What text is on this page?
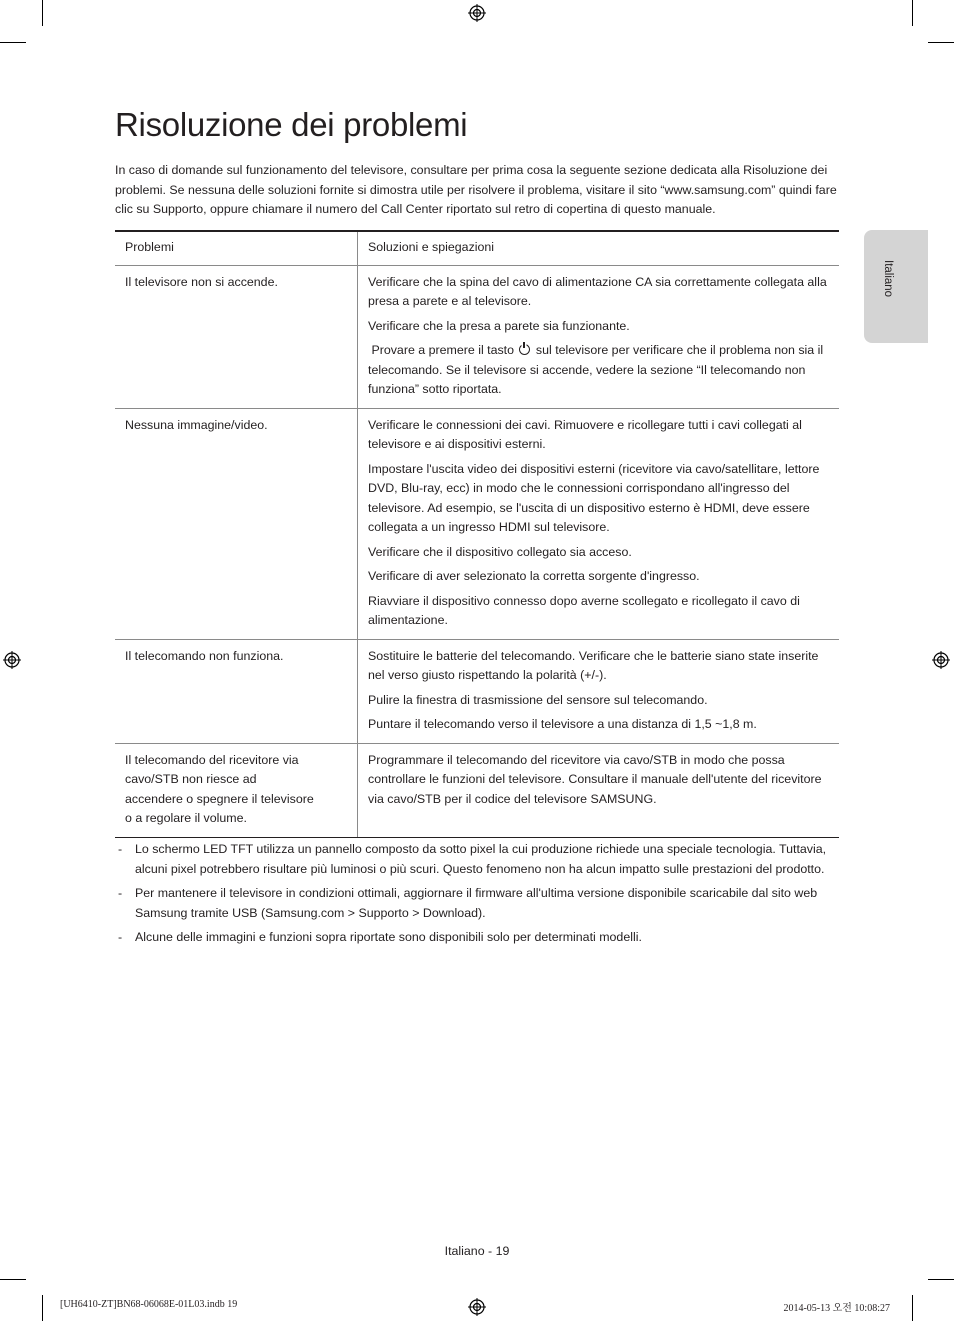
Risoluzione dei problemi

In caso di domande sul funzionamento del televisore, consultare per prima cosa la seguente sezione dedicata alla Risoluzione dei problemi. Se nessuna delle soluzioni fornite si dimostra utile per risolvere il problema, visitare il sito “www.samsung.com” quindi fare clic su Supporto, oppure chiamare il numero del Call Center riportato sul retro di copertina di questo manuale.

Italiano
Problemi	Soluzioni e spiegazioni
Il televisore non si accende.	Verificare che la spina del cavo di alimentazione CA sia correttamente collegata alla presa a parete e al televisore.

Verificare che la presa a parete sia funzionante.

Provare a premere il tasto sul televisore per verificare che il problema non sia il telecomando. Se il televisore si accende, vedere la sezione “Il telecomando non funziona” sotto riportata.

Nessuna immagine/video.	Verificare le connessioni dei cavi. Rimuovere e ricollegare tutti i cavi collegati al televisore e ai dispositivi esterni.

Impostare l'uscita video dei dispositivi esterni (ricevitore via cavo/satellitare, lettore DVD, Blu-ray, ecc) in modo che le connessioni corrispondano all'ingresso del televisore. Ad esempio, se l'uscita di un dispositivo esterno è HDMI, deve essere collegata a un ingresso HDMI sul televisore.

Verificare che il dispositivo collegato sia acceso.

Verificare di aver selezionato la corretta sorgente d'ingresso.

Riavviare il dispositivo connesso dopo averne scollegato e ricollegato il cavo di alimentazione.

Il telecomando non funziona.	Sostituire le batterie del telecomando. Verificare che le batterie siano state inserite nel verso giusto rispettando la polarità (+/-).

Pulire la finestra di trasmissione del sensore sul telecomando.

Puntare il telecomando verso il televisore a una distanza di 1,5 ~1,8 m.

Il telecomando del ricevitore via cavo/STB non riesce ad accendere o spegnere il televisore o a regolare il volume.	Programmare il telecomando del ricevitore via cavo/STB in modo che possa controllare le funzioni del televisore. Consultare il manuale dell'utente del ricevitore via cavo/STB per il codice del televisore SAMSUNG.

- Lo schermo LED TFT utilizza un pannello composto da sotto pixel la cui produzione richiede una speciale tecnologia. Tuttavia, alcuni pixel potrebbero risultare più luminosi o più scuri. Questo fenomeno non ha alcun impatto sulle prestazioni del prodotto.
- Per mantenere il televisore in condizioni ottimali, aggiornare il firmware all'ultima versione disponibile scaricabile dal sito web Samsung tramite USB (Samsung.com > Supporto > Download).
- Alcune delle immagini e funzioni sopra riportate sono disponibili solo per determinati modelli.
Italiano - 19
[UH6410-ZT]BN68-06068E-01L03.indb 19	2014-05-13 오전 10:08:27
